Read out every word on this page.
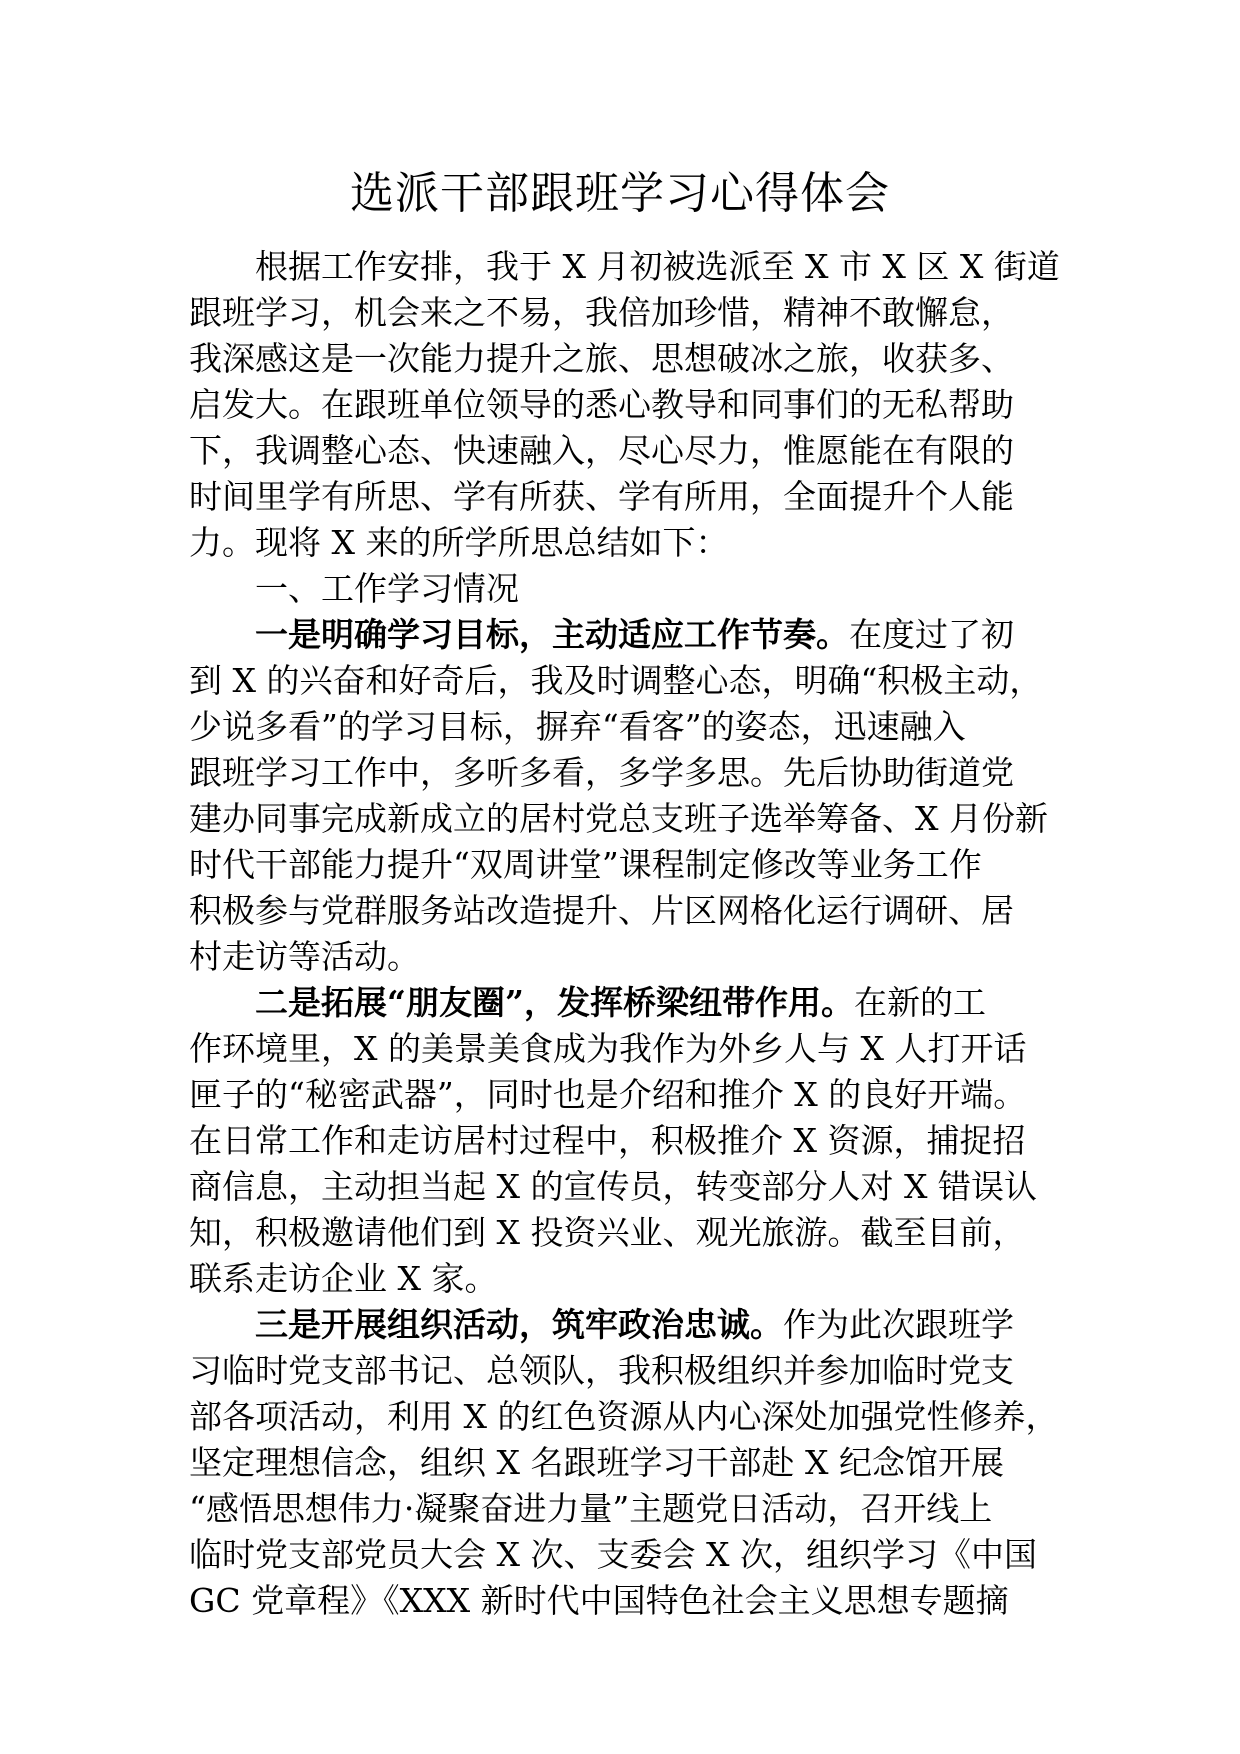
选派干部跟班学习心得体会
根据工作安排，我于 X 月初被选派至 X 市 X 区 X 街道
跟班学习，机会来之不易，我倍加珍惜，精神不敢懈怠，
我深感这是一次能力提升之旅、思想破冰之旅，收获多、
启发大。在跟班单位领导的悉心教导和同事们的无私帮助
下，我调整心态、快速融入，尽心尽力，惟愿能在有限的
时间里学有所思、学有所获、学有所用，全面提升个人能
力。现将 X 来的所学所思总结如下：
一、工作学习情况
一是明确学习目标，主动适应工作节奏。在度过了初
到 X 的兴奋和好奇后，我及时调整心态，明确“积极主动，
少说多看”的学习目标，摒弃“看客”的姿态，迅速融入
跟班学习工作中，多听多看，多学多思。先后协助街道党
建办同事完成新成立的居村党总支班子选举筹备、X 月份新
时代干部能力提升“双周讲堂”课程制定修改等业务工作
积极参与党群服务站改造提升、片区网格化运行调研、居
村走访等活动。
二是拓展“朋友圈”，发挥桥梁纽带作用。在新的工
作环境里，X 的美景美食成为我作为外乡人与 X 人打开话
匣子的“秘密武器”，同时也是介绍和推介 X 的良好开端。
在日常工作和走访居村过程中，积极推介 X 资源，捕捉招
商信息，主动担当起 X 的宣传员，转变部分人对 X 错误认
知，积极邀请他们到 X 投资兴业、观光旅游。截至目前，
联系走访企业 X 家。
三是开展组织活动，筑牢政治忠诚。作为此次跟班学
习临时党支部书记、总领队，我积极组织并参加临时党支
部各项活动，利用 X 的红色资源从内心深处加强党性修养，
坚定理想信念，组织 X 名跟班学习干部赴 X 纪念馆开展
“感悟思想伟力·凝聚奋进力量”主题党日活动，召开线上
临时党支部党员大会 X 次、支委会 X 次，组织学习《中国
GC 党章程》《XXX 新时代中国特色社会主义思想专题摘
